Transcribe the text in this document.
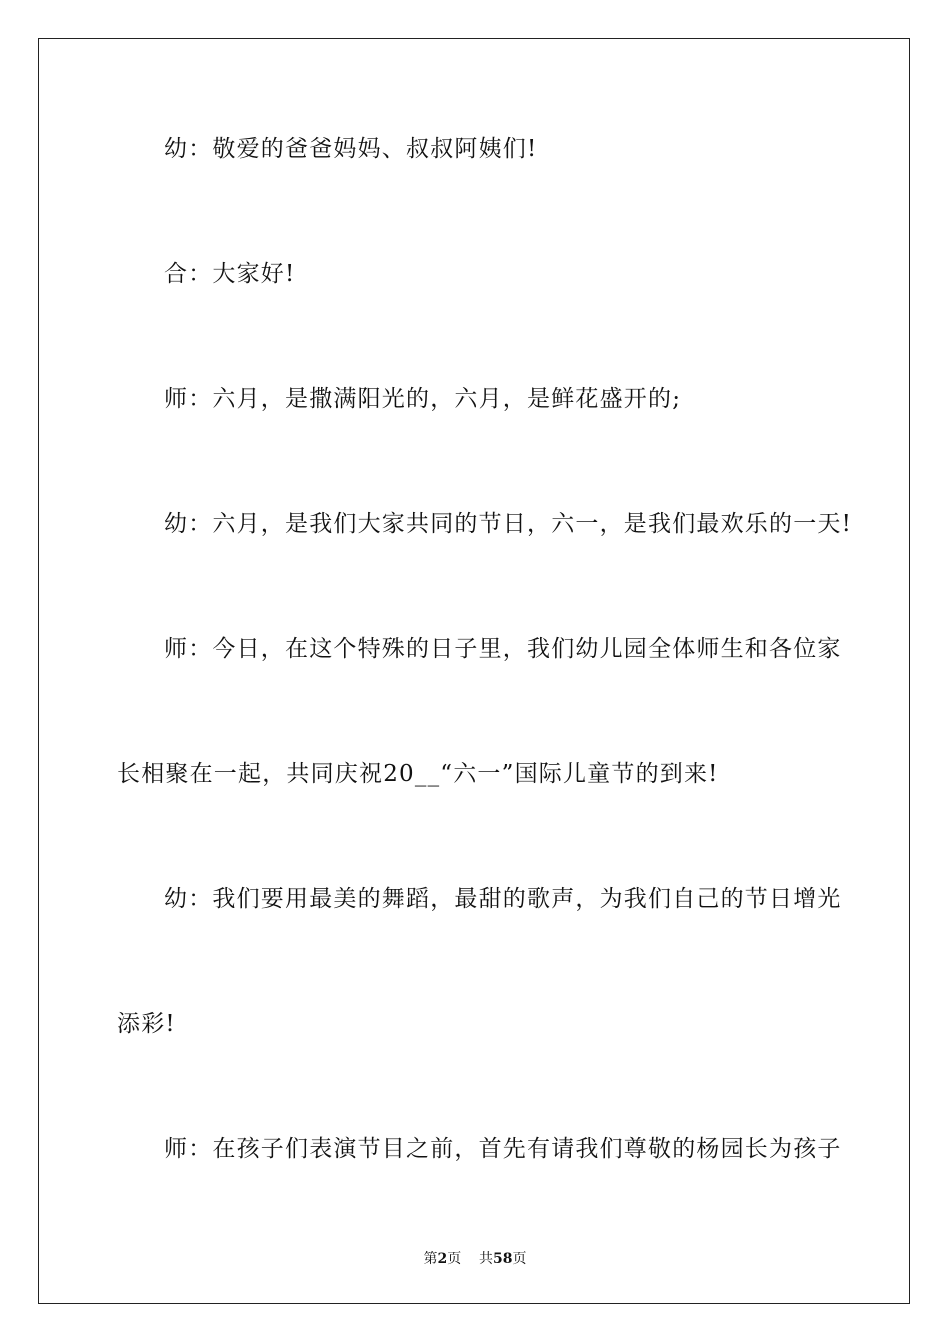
幼：敬爱的爸爸妈妈、叔叔阿姨们!
合：大家好!
师：六月，是撒满阳光的，六月，是鲜花盛开的;
幼：六月，是我们大家共同的节日，六一，是我们最欢乐的一天!
师：今日，在这个特殊的日子里，我们幼儿园全体师生和各位家
长相聚在一起，共同庆祝20__“六一”国际儿童节的到来!
幼：我们要用最美的舞蹈，最甜的歌声，为我们自己的节日增光
添彩!
师：在孩子们表演节目之前，首先有请我们尊敬的杨园长为孩子
第2页 共58页
